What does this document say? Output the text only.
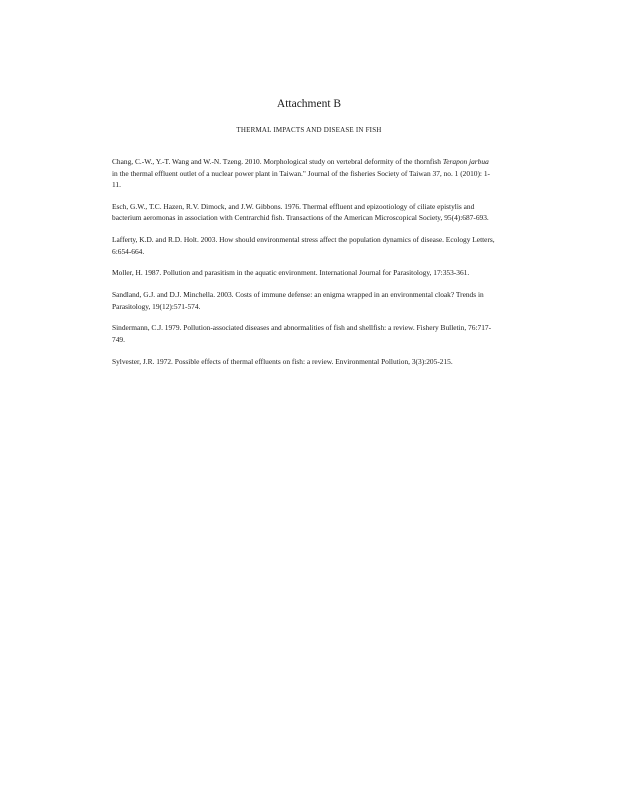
Attachment B
THERMAL IMPACTS AND DISEASE IN FISH
Chang, C.-W., Y.-T. Wang and W.-N. Tzeng. 2010. Morphological study on vertebral deformity of the thornfish Terapon jarbua in the thermal effluent outlet of a nuclear power plant in Taiwan." Journal of the fisheries Society of Taiwan 37, no. 1 (2010): 1-11.
Esch, G.W., T.C. Hazen, R.V. Dimock, and J.W. Gibbons. 1976. Thermal effluent and epizootiology of ciliate epistylis and bacterium aeromonas in association with Centrarchid fish. Transactions of the American Microscopical Society, 95(4):687-693.
Lafferty, K.D. and R.D. Holt. 2003. How should environmental stress affect the population dynamics of disease. Ecology Letters, 6:654-664.
Moller, H. 1987. Pollution and parasitism in the aquatic environment. International Journal for Parasitology, 17:353-361.
Sandland, G.J. and D.J. Minchella. 2003. Costs of immune defense: an enigma wrapped in an environmental cloak? Trends in Parasitology, 19(12):571-574.
Sindermann, C.J. 1979. Pollution-associated diseases and abnormalities of fish and shellfish: a review. Fishery Bulletin, 76:717-749.
Sylvester, J.R. 1972. Possible effects of thermal effluents on fish: a review. Environmental Pollution, 3(3):205-215.
